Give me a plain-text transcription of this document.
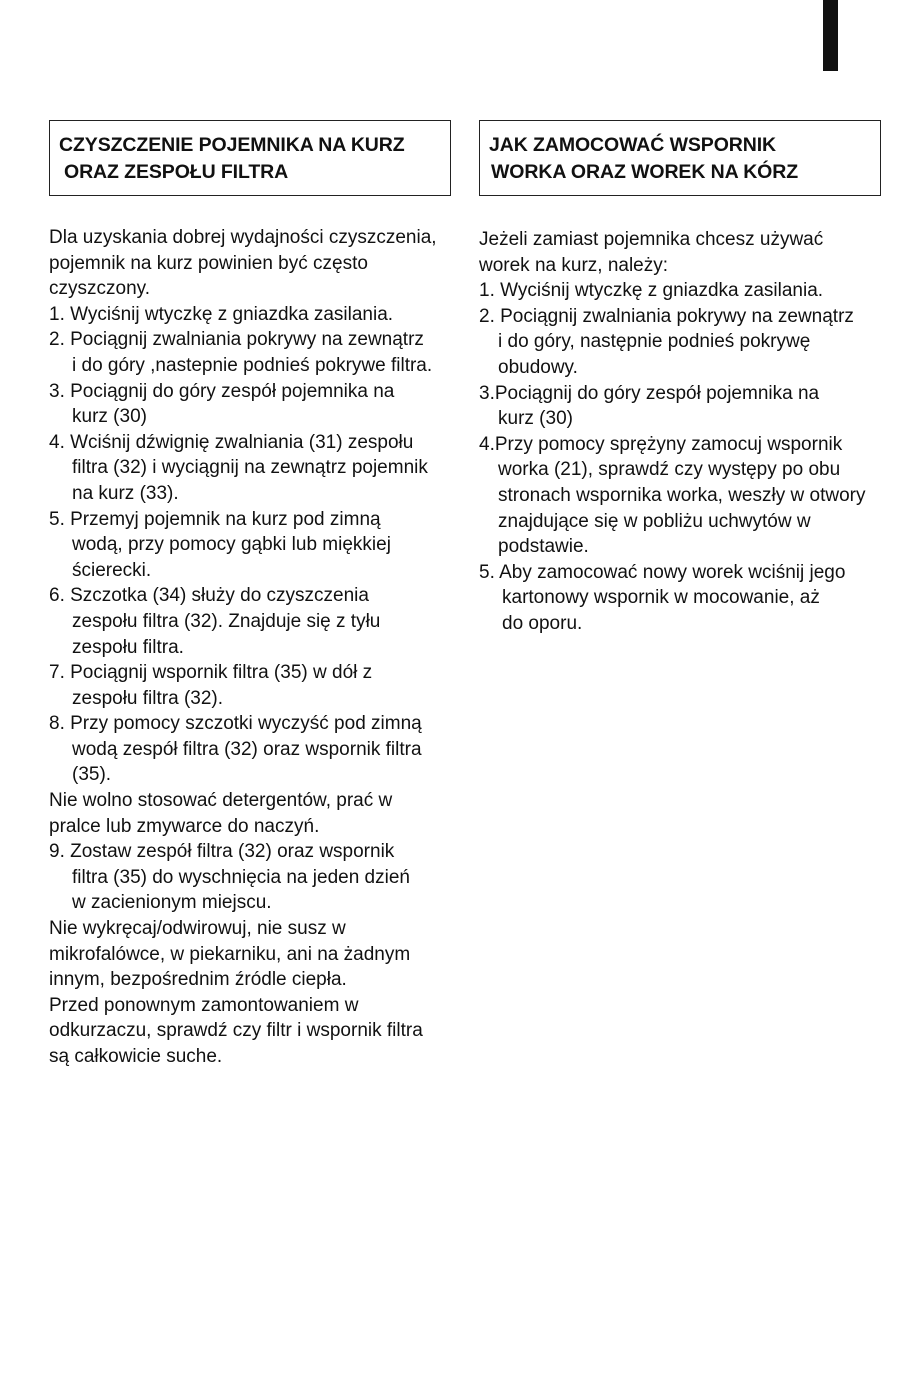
CZYSZCZENIE POJEMNIKA NA KURZ
ORAZ ZESPOŁU FILTRA
Dla uzyskania dobrej wydajności czyszczenia,
pojemnik na kurz powinien być często
czyszczony.
1. Wyciśnij wtyczkę z gniazdka zasilania.
2. Pociągnij zwalniania pokrywy na zewnątrz
i do góry ,nastepnie podnieś pokrywe filtra.
3. Pociągnij do góry zespół pojemnika na
kurz (30)
4. Wciśnij dźwignię zwalniania (31) zespołu
filtra (32) i wyciągnij na zewnątrz pojemnik
na kurz (33).
5. Przemyj pojemnik na kurz pod zimną
wodą, przy pomocy gąbki lub miękkiej
ścierecki.
6. Szczotka (34) służy do czyszczenia
zespołu filtra (32). Znajduje się z tyłu
zespołu filtra.
7. Pociągnij wspornik filtra (35) w dół z
zespołu filtra (32).
8. Przy pomocy szczotki wyczyść pod zimną
wodą zespół filtra (32) oraz wspornik filtra
(35).
Nie wolno stosować detergentów, prać w
pralce lub zmywarce do naczyń.
9. Zostaw zespół filtra (32) oraz wspornik
filtra (35) do wyschnięcia na jeden dzień
w zacienionym miejscu.
Nie wykręcaj/odwirowuj, nie susz w
mikrofalówce, w piekarniku, ani na żadnym
innym, bezpośrednim źródle ciepła.
Przed ponownym zamontowaniem w
odkurzaczu, sprawdź czy filtr i wspornik filtra
są całkowicie suche.
JAK ZAMOCOWAĆ WSPORNIK
WORKA ORAZ WOREK NA KÓRZ
Jeżeli zamiast pojemnika chcesz używać
worek na kurz, należy:
1. Wyciśnij wtyczkę z gniazdka zasilania.
2. Pociągnij zwalniania pokrywy na zewnątrz
i do góry, następnie podnieś pokrywę
obudowy.
3.Pociągnij do góry zespół pojemnika na
kurz (30)
4.Przy pomocy sprężyny zamocuj wspornik
worka (21), sprawdź czy występy po obu
stronach wspornika worka, weszły w otwory
znajdujące się w pobliżu uchwytów w
podstawie.
5. Aby zamocować nowy worek wciśnij jego
kartonowy wspornik w mocowanie, aż
do oporu.
